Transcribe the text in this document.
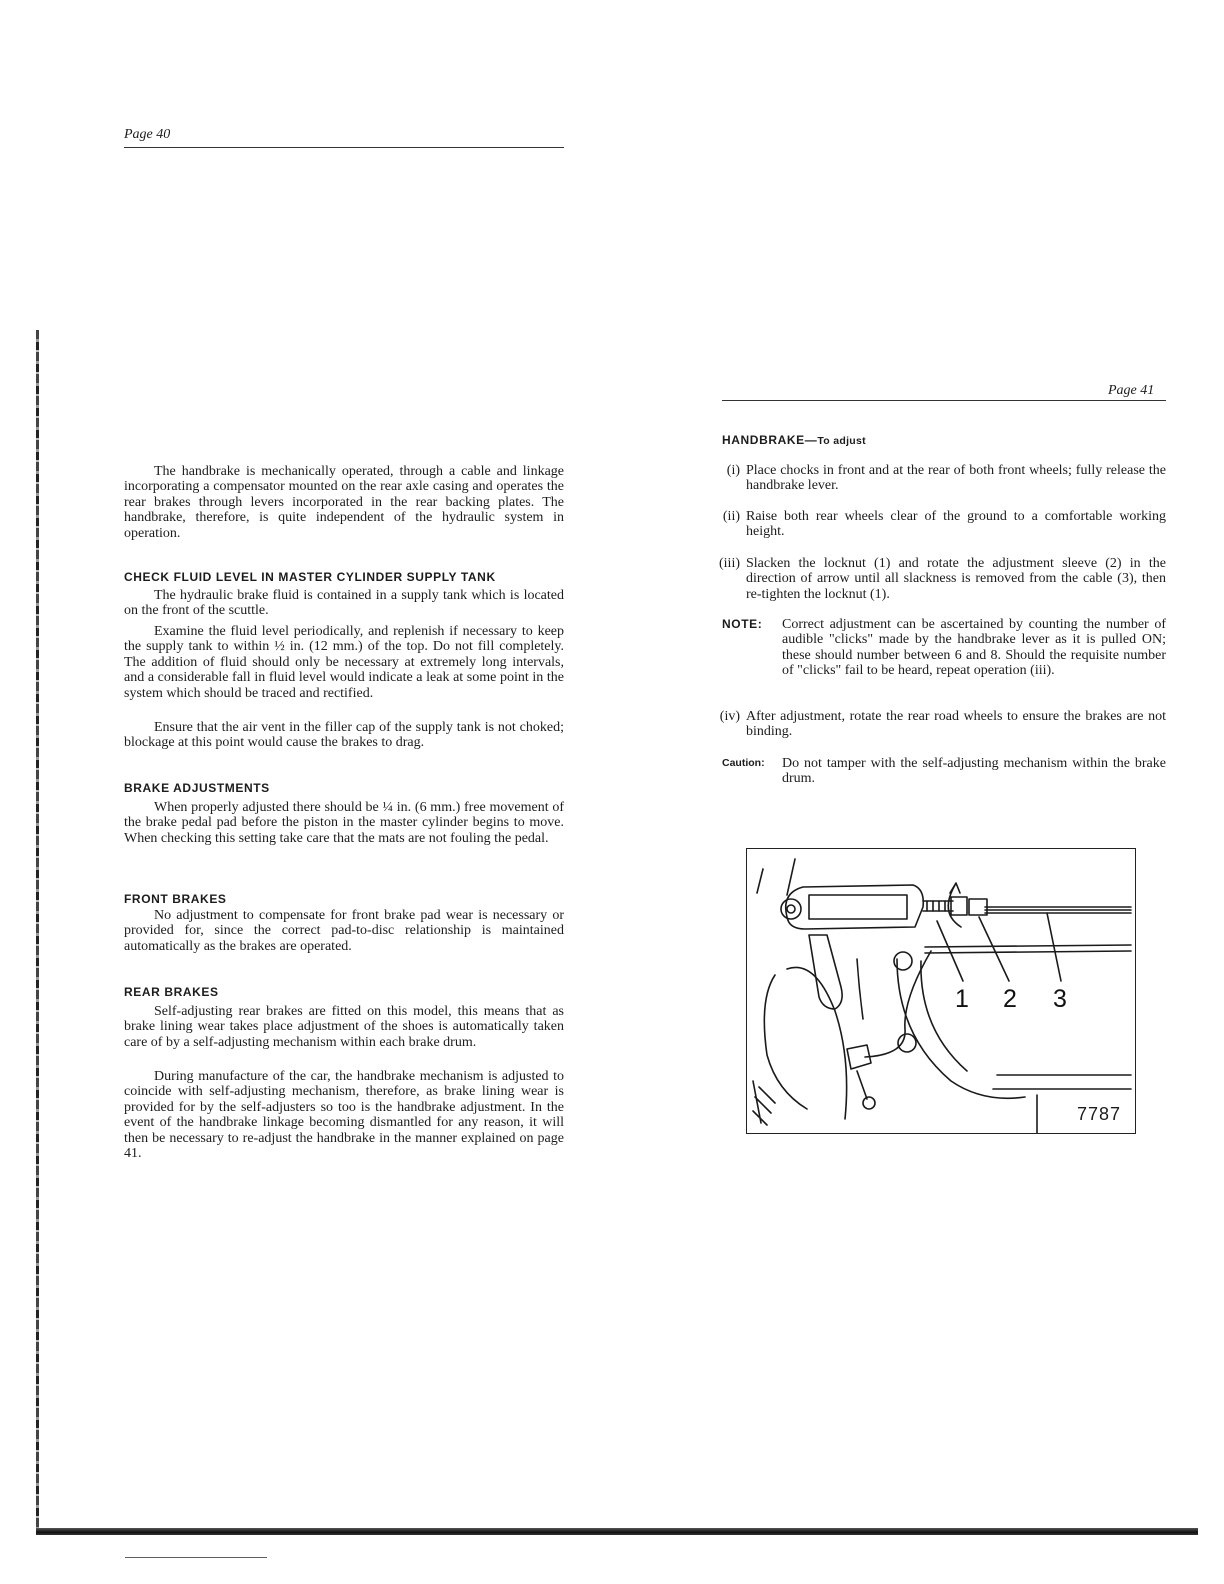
Page 40

The handbrake is mechanically operated, through a cable and linkage incorporating a compensator mounted on the rear axle casing and operates the rear brakes through levers incorporated in the rear backing plates. The handbrake, therefore, is quite independent of the hydraulic system in operation.

CHECK FLUID LEVEL IN MASTER CYLINDER SUPPLY TANK

The hydraulic brake fluid is contained in a supply tank which is located on the front of the scuttle.

Examine the fluid level periodically, and replenish if necessary to keep the supply tank to within ½ in. (12 mm.) of the top. Do not fill completely. The addition of fluid should only be necessary at extremely long intervals, and a considerable fall in fluid level would indicate a leak at some point in the system which should be traced and rectified.

Ensure that the air vent in the filler cap of the supply tank is not choked; blockage at this point would cause the brakes to drag.

BRAKE ADJUSTMENTS

When properly adjusted there should be ¼ in. (6 mm.) free movement of the brake pedal pad before the piston in the master cylinder begins to move. When checking this setting take care that the mats are not fouling the pedal.

FRONT BRAKES

No adjustment to compensate for front brake pad wear is necessary or provided for, since the correct pad-to-disc relationship is maintained automatically as the brakes are operated.

REAR BRAKES

Self-adjusting rear brakes are fitted on this model, this means that as brake lining wear takes place adjustment of the shoes is automatically taken care of by a self-adjusting mechanism within each brake drum.

During manufacture of the car, the handbrake mechanism is adjusted to coincide with self-adjusting mechanism, therefore, as brake lining wear is provided for by the self-adjusters so too is the handbrake adjustment. In the event of the handbrake linkage becoming dismantled for any reason, it will then be necessary to re-adjust the handbrake in the manner explained on page 41.

Page 41
HANDBRAKE—To adjust
(i) Place chocks in front and at the rear of both front wheels; fully release the handbrake lever.
(ii) Raise both rear wheels clear of the ground to a comfortable working height.
(iii) Slacken the locknut (1) and rotate the adjustment sleeve (2) in the direction of arrow until all slackness is removed from the cable (3), then re-tighten the locknut (1).
NOTE:	Correct adjustment can be ascertained by counting the number of audible "clicks" made by the handbrake lever as it is pulled ON; these should number between 6 and 8. Should the requisite number of "clicks" fail to be heard, repeat operation (iii).
(iv) After adjustment, rotate the rear road wheels to ensure the brakes are not binding.
Caution:	Do not tamper with the self-adjusting mechanism within the brake drum.
1 2 3
7787
